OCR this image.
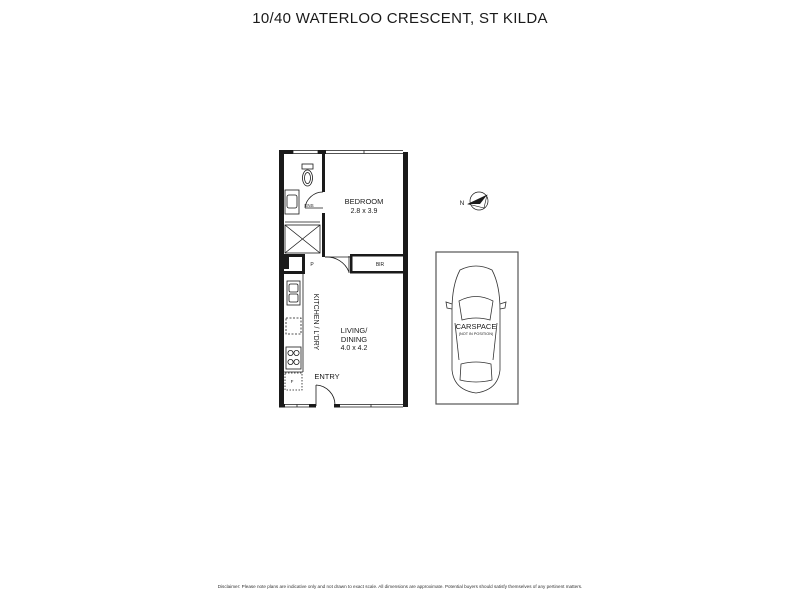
10/40 WATERLOO CRESCENT, ST KILDA
BEDROOM
2.8 x 3.9
LIVING/
DINING
4.0 x 4.2
KITCHEN / L'DRY
ENTRY
ENS
BIR
P
F
N
CARSPACE
(NOT IN POSITION)
Disclaimer: Please note plans are indicative only and not drawn to exact scale. All dimensions are approximate. Potential buyers should satisfy themselves of any pertinent matters.
